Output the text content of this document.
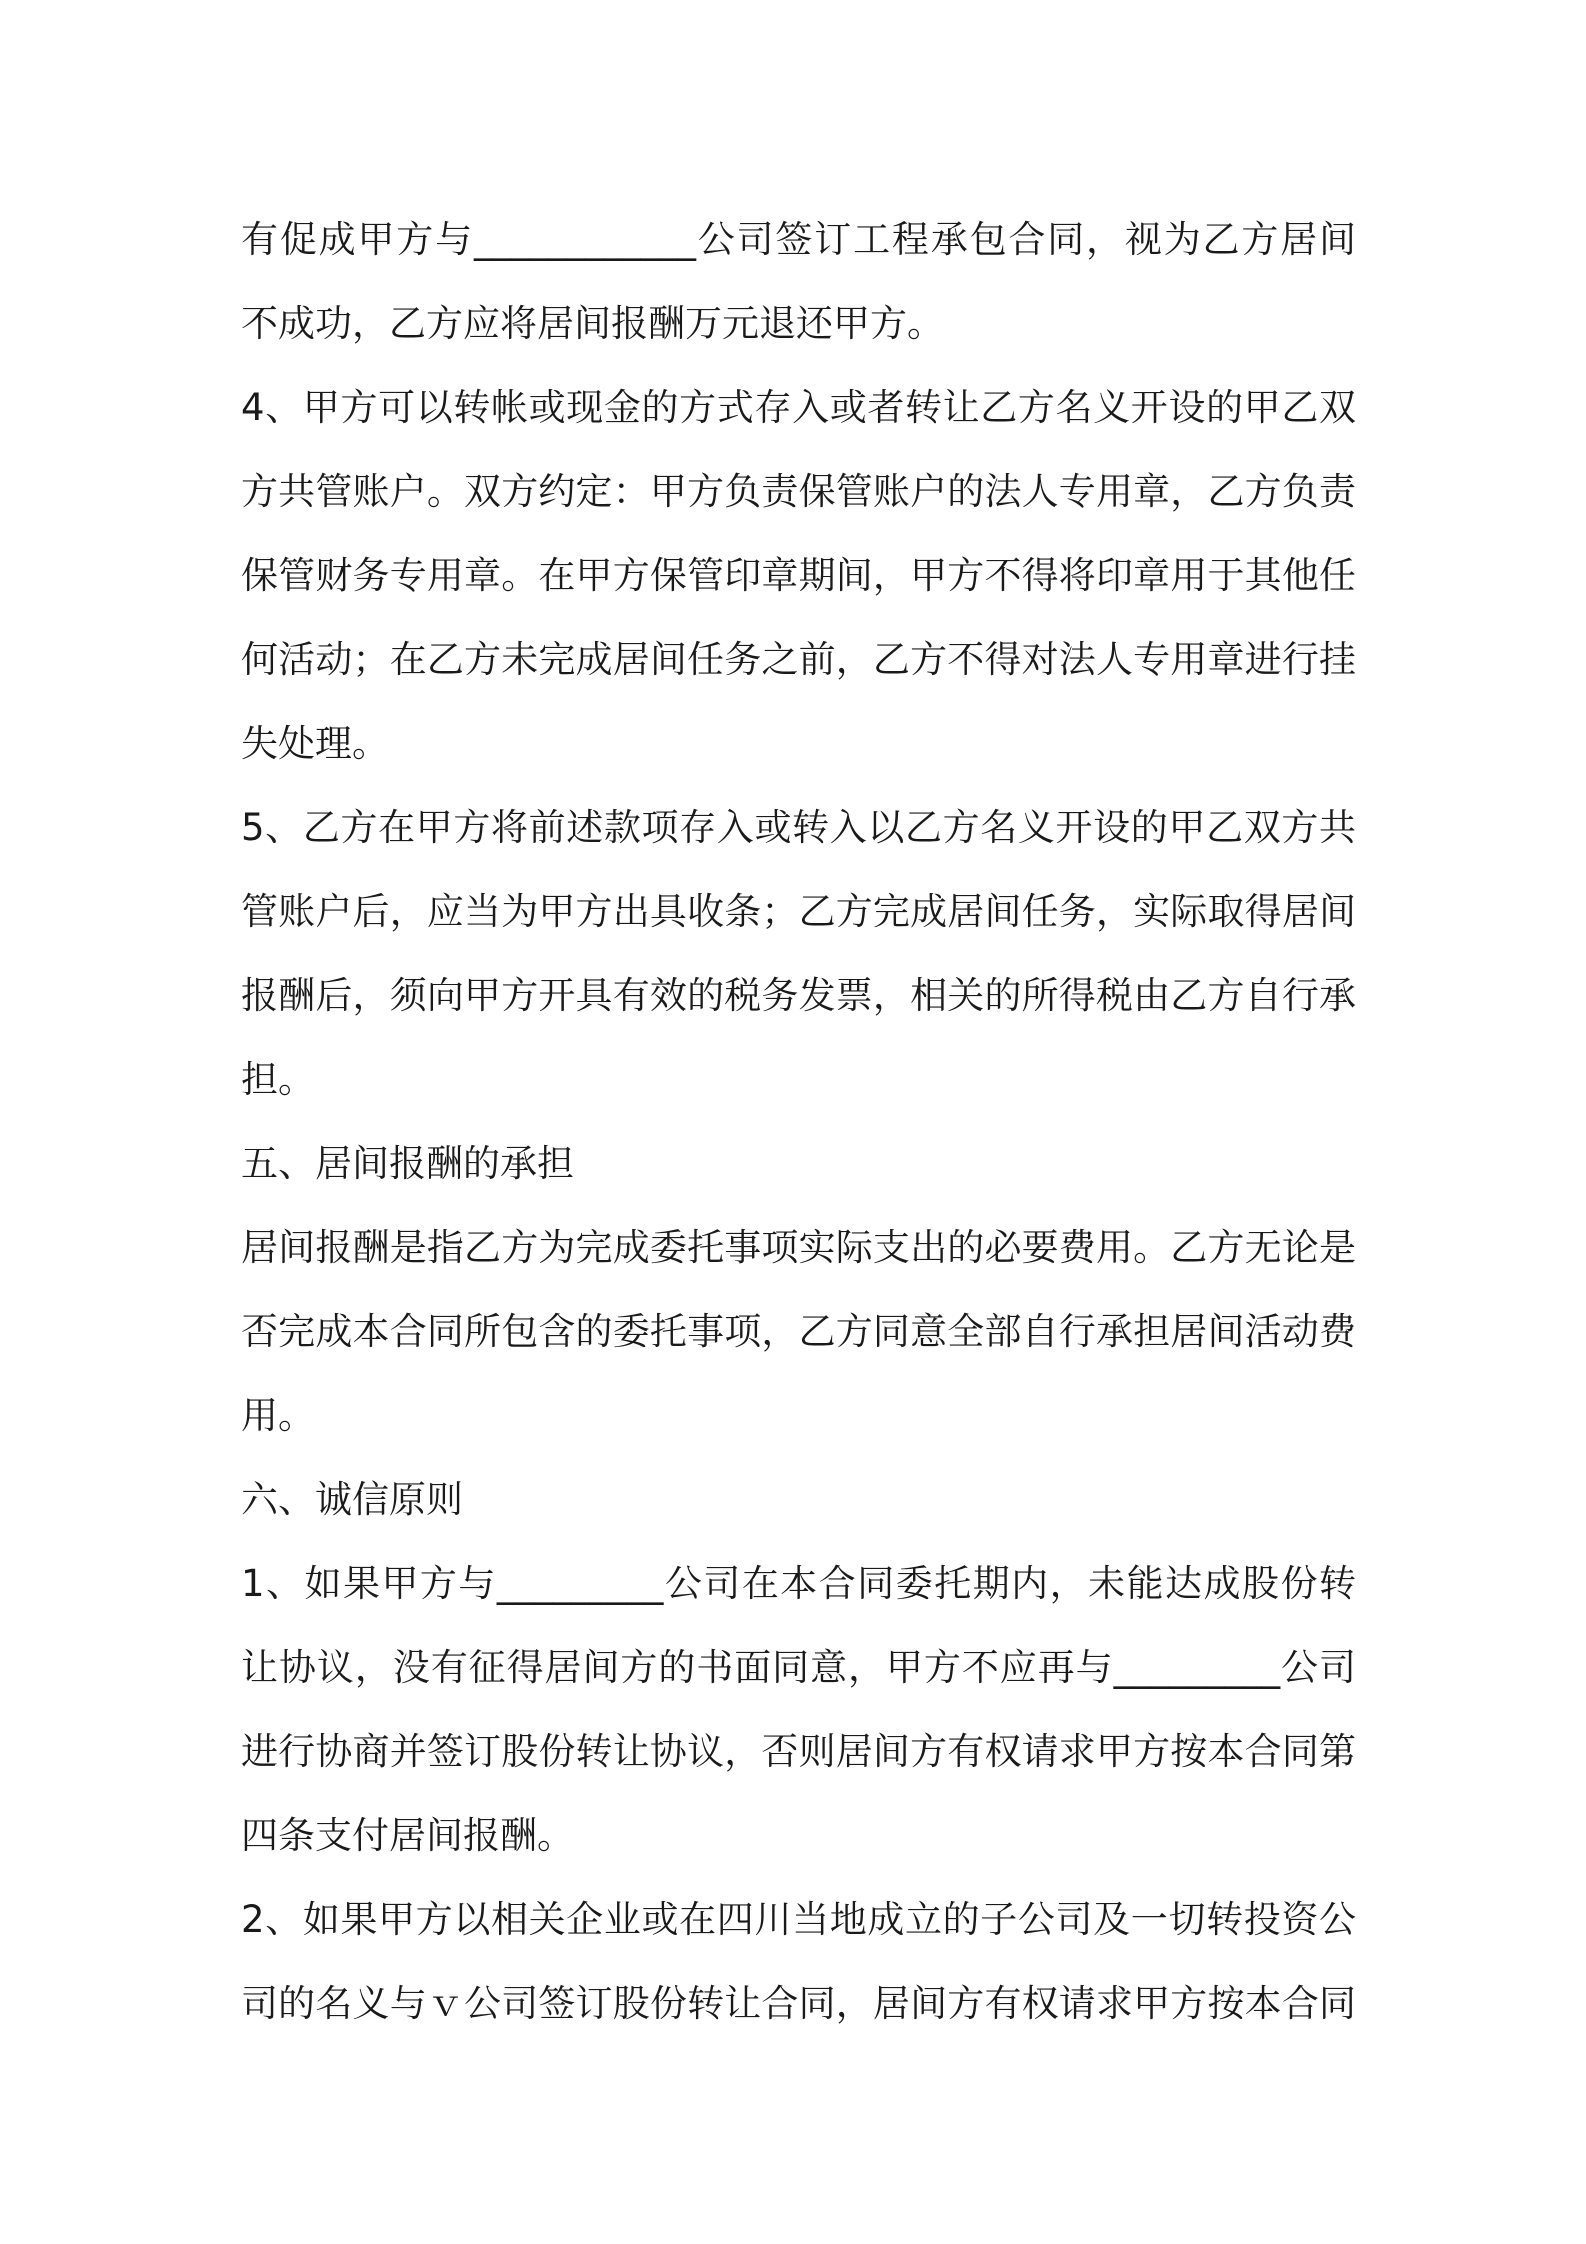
有促成甲方与____________公司签订工程承包合同，视为乙方居间
不成功，乙方应将居间报酬万元退还甲方。
4、甲方可以转帐或现金的方式存入或者转让乙方名义开设的甲乙双
方共管账户。双方约定：甲方负责保管账户的法人专用章，乙方负责
保管财务专用章。在甲方保管印章期间，甲方不得将印章用于其他任
何活动；在乙方未完成居间任务之前，乙方不得对法人专用章进行挂
失处理。
5、乙方在甲方将前述款项存入或转入以乙方名义开设的甲乙双方共
管账户后，应当为甲方出具收条；乙方完成居间任务，实际取得居间
报酬后，须向甲方开具有效的税务发票，相关的所得税由乙方自行承
担。
五、居间报酬的承担
居间报酬是指乙方为完成委托事项实际支出的必要费用。乙方无论是
否完成本合同所包含的委托事项，乙方同意全部自行承担居间活动费
用。
六、诚信原则
1、如果甲方与_________公司在本合同委托期内，未能达成股份转
让协议，没有征得居间方的书面同意，甲方不应再与_________公司
进行协商并签订股份转让协议，否则居间方有权请求甲方按本合同第
四条支付居间报酬。
2、如果甲方以相关企业或在四川当地成立的子公司及一切转投资公
司的名义与ｖ公司签订股份转让合同，居间方有权请求甲方按本合同
